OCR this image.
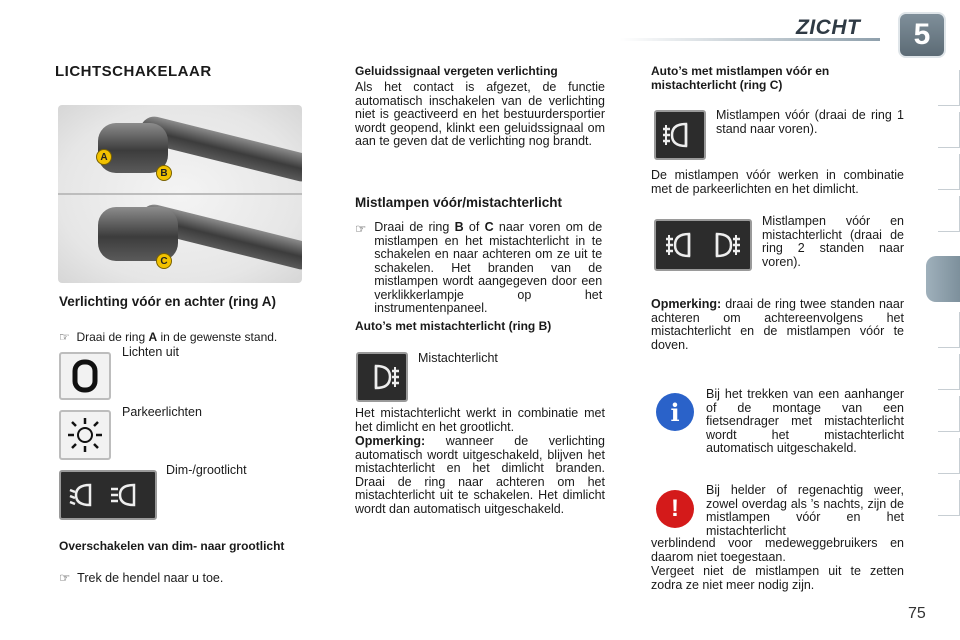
ZICHT 5
LICHTSCHAKELAAR
A
B
C
Verlichting vóór en achter (ring A)
☞ Draai de ring A in de gewenste stand.
Lichten uit
Parkeerlichten
Dim-/grootlicht
Overschakelen van dim- naar grootlicht
☞ Trek de hendel naar u toe.
Geluidssignaal vergeten verlichting
Als het contact is afgezet, de functie automatisch inschakelen van de verlichting niet is geactiveerd en het bestuurdersportier wordt geopend, klinkt een geluidssignaal om aan te geven dat de verlichting nog brandt.
Mistlampen vóór/mistachterlicht
☞ Draai de ring B of C naar voren om de mistlampen en het mistachterlicht in te schakelen en naar achteren om ze uit te schakelen. Het branden van de mistlampen wordt aangegeven door een verklikkerlampje op het instrumentenpaneel.
Auto’s met mistachterlicht (ring B)
Mistachterlicht
Het mistachterlicht werkt in combinatie met het dimlicht en het grootlicht.
Opmerking: wanneer de verlichting automatisch wordt uitgeschakeld, blijven het mistachterlicht en het dimlicht branden. Draai de ring naar achteren om het mistachterlicht uit te schakelen. Het dimlicht wordt dan automatisch uitgeschakeld.
Auto’s met mistlampen vóór en mistachterlicht (ring C)
Mistlampen vóór (draai de ring 1 stand naar voren).
De mistlampen vóór werken in combinatie met de parkeerlichten en het dimlicht.
Mistlampen vóór en mistachterlicht (draai de ring 2 standen naar voren).
Opmerking: draai de ring twee standen naar achteren om achtereenvolgens het mistachterlicht en de mistlampen vóór te doven.
i
Bij het trekken van een aanhanger of de montage van een fietsendrager met mistachterlicht wordt het mistachterlicht automatisch uitgeschakeld.
!
Bij helder of regenachtig weer, zowel overdag als ’s nachts, zijn de mistlampen vóór en het mistachterlicht
verblindend voor medeweggebruikers en daarom niet toegestaan.
Vergeet niet de mistlampen uit te zetten zodra ze niet meer nodig zijn.
75
